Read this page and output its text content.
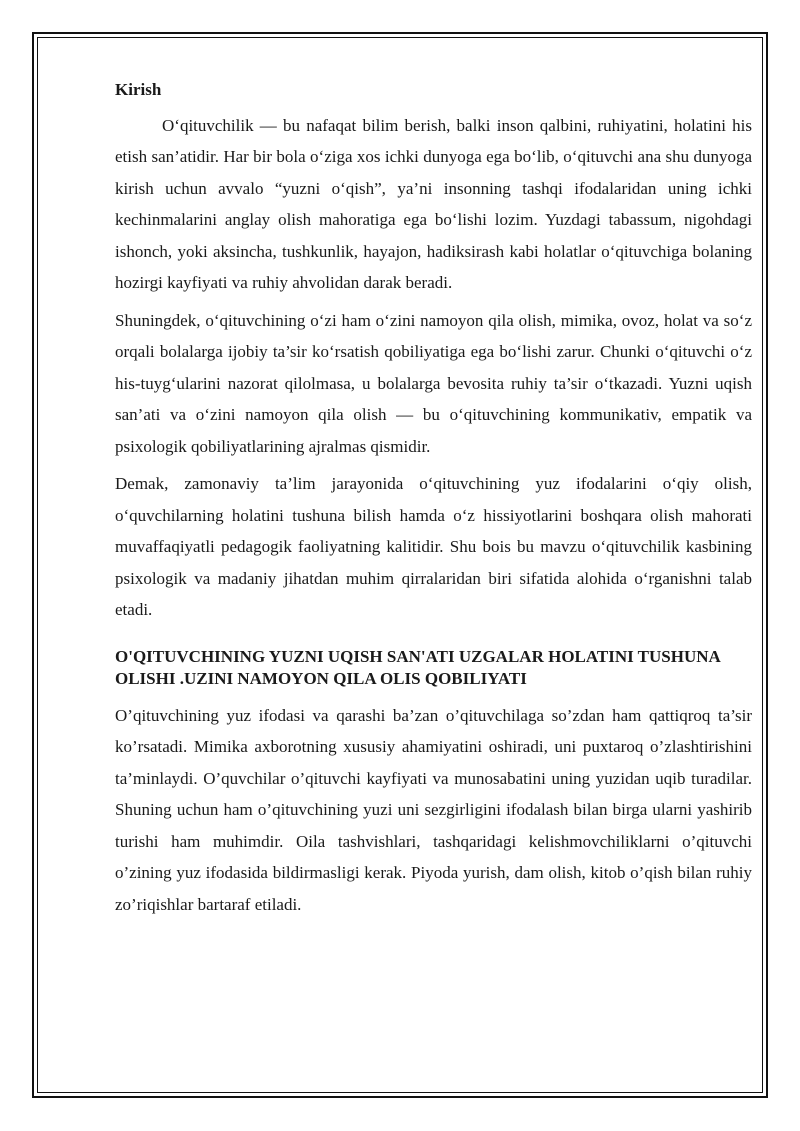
Kirish

O‘qituvchilik — bu nafaqat bilim berish, balki inson qalbini, ruhiyatini, holatini his etish san’atidir. Har bir bola o‘ziga xos ichki dunyoga ega bo‘lib, o‘qituvchi ana shu dunyoga kirish uchun avvalo “yuzni o‘qish”, ya’ni insonning tashqi ifodalaridan uning ichki kechinmalarini anglay olish mahoratiga ega bo‘lishi lozim. Yuzdagi tabassum, nigohdagi ishonch, yoki aksincha, tushkunlik, hayajon, hadiksirash kabi holatlar o‘qituvchiga bolaning hozirgi kayfiyati va ruhiy ahvolidan darak beradi.

Shuningdek, o‘qituvchining o‘zi ham o‘zini namoyon qila olish, mimika, ovoz, holat va so‘z orqali bolalarga ijobiy ta’sir ko‘rsatish qobiliyatiga ega bo‘lishi zarur. Chunki o‘qituvchi o‘z his-tuyg‘ularini nazorat qilolmasa, u bolalarga bevosita ruhiy ta’sir o‘tkazadi. Yuzni uqish san’ati va o‘zini namoyon qila olish — bu o‘qituvchining kommunikativ, empatik va psixologik qobiliyatlarining ajralmas qismidir.

Demak, zamonaviy ta’lim jarayonida o‘qituvchining yuz ifodalarini o‘qiy olish, o‘quvchilarning holatini tushuna bilish hamda o‘z hissiyotlarini boshqara olish mahorati muvaffaqiyatli pedagogik faoliyatning kalitidir. Shu bois bu mavzu o‘qituvchilik kasbining psixologik va madaniy jihatdan muhim qirralaridan biri sifatida alohida o‘rganishni talab etadi.

O'QITUVCHINING YUZNI UQISH SAN'ATI UZGALAR HOLATINI TUSHUNA OLISHI .UZINI NAMOYON QILA OLIS QOBILIYATI

O’qituvchining yuz ifodasi va qarashi ba’zan o’qituvchilaga so’zdan ham qattiqroq ta’sir ko’rsatadi. Mimika axborotning xususiy ahamiyatini oshiradi, uni puxtaroq o’zlashtirishini ta’minlaydi. O’quvchilar o’qituvchi kayfiyati va munosabatini uning yuzidan uqib turadilar. Shuning uchun ham o’qituvchining yuzi uni sezgirligini ifodalash bilan birga ularni yashirib turishi ham muhimdir. Oila tashvishlari, tashqaridagi kelishmovchiliklarni o’qituvchi o’zining yuz ifodasida bildirmasligi kerak. Piyoda yurish, dam olish, kitob o’qish bilan ruhiy zo’riqishlar bartaraf etiladi.
